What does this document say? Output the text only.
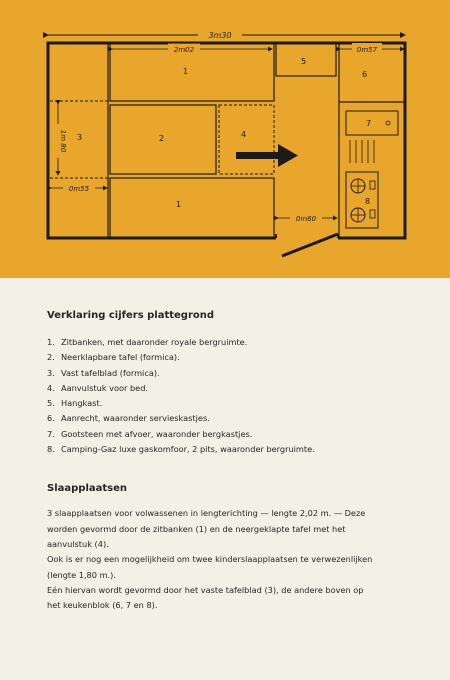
3m30
2m02	0m57
1
2	4
1
3
1m 80
0m55
5
6
7
8
0m60
Verklaring cijfers plattegrond
1. Zitbanken, met daaronder royale bergruimte.
2. Neerklapbare tafel (formica).
3. Vast tafelblad (formica).
4. Aanvulstuk voor bed.
5. Hangkast.
6. Aanrecht, waaronder servieskastjes.
7. Gootsteen met afvoer, waaronder bergkastjes.
8. Camping-Gaz luxe gaskomfoor, 2 pits, waaronder bergruimte.
Slaapplaatsen

3 slaapplaatsen voor volwassenen in lengterichting — lengte 2,02 m. — Deze

worden gevormd door de zitbanken (1) en de neergeklapte tafel met het

aanvulstuk (4).

Ook is er nog een mogelijkheid om twee kinderslaapplaatsen te verwezenlijken

(lengte 1,80 m.).

Eén hiervan wordt gevormd door het vaste tafelblad (3), de andere boven op

het keukenblok (6, 7 en 8).
